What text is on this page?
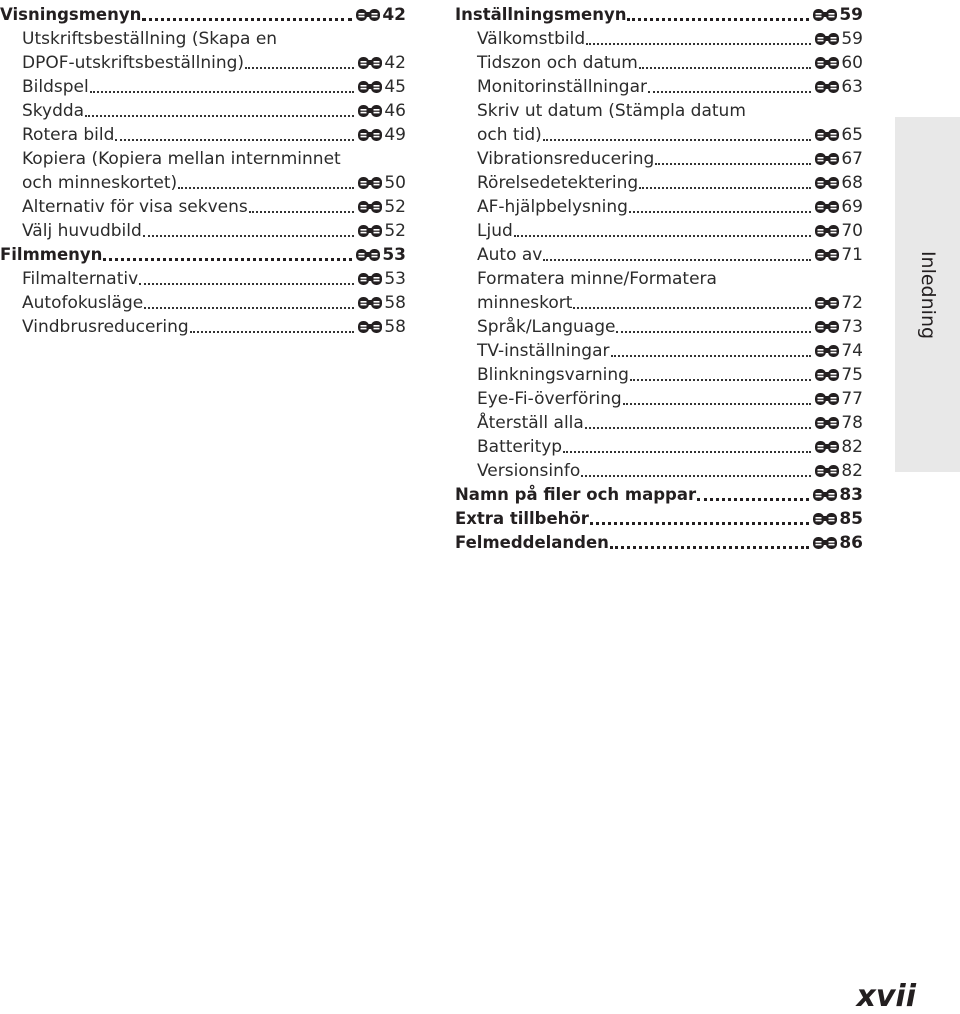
Visningsmenyn	42
Utskriftsbeställning (Skapa en
DPOF-utskriftsbeställning)	42
Bildspel	45
Skydda	46
Rotera bild	49
Kopiera (Kopiera mellan internminnet
och minneskortet)	50
Alternativ för visa sekvens	52
Välj huvudbild	52
Filmmenyn	53
Filmalternativ	53
Autofokusläge	58
Vindbrusreducering	58
Inställningsmenyn	59
Välkomstbild	59
Tidszon och datum	60
Monitorinställningar	63
Skriv ut datum (Stämpla datum
och tid)	65
Vibrationsreducering	67
Rörelsedetektering	68
AF-hjälpbelysning	69
Ljud	70
Auto av	71
Formatera minne/Formatera
minneskort	72
Språk/Language	73
TV-inställningar	74
Blinkningsvarning	75
Eye-Fi-överföring	77
Återställ alla	78
Batterityp	82
Versionsinfo	82
Namn på filer och mappar	83
Extra tillbehör	85
Felmeddelanden	86
Inledning
xvii
